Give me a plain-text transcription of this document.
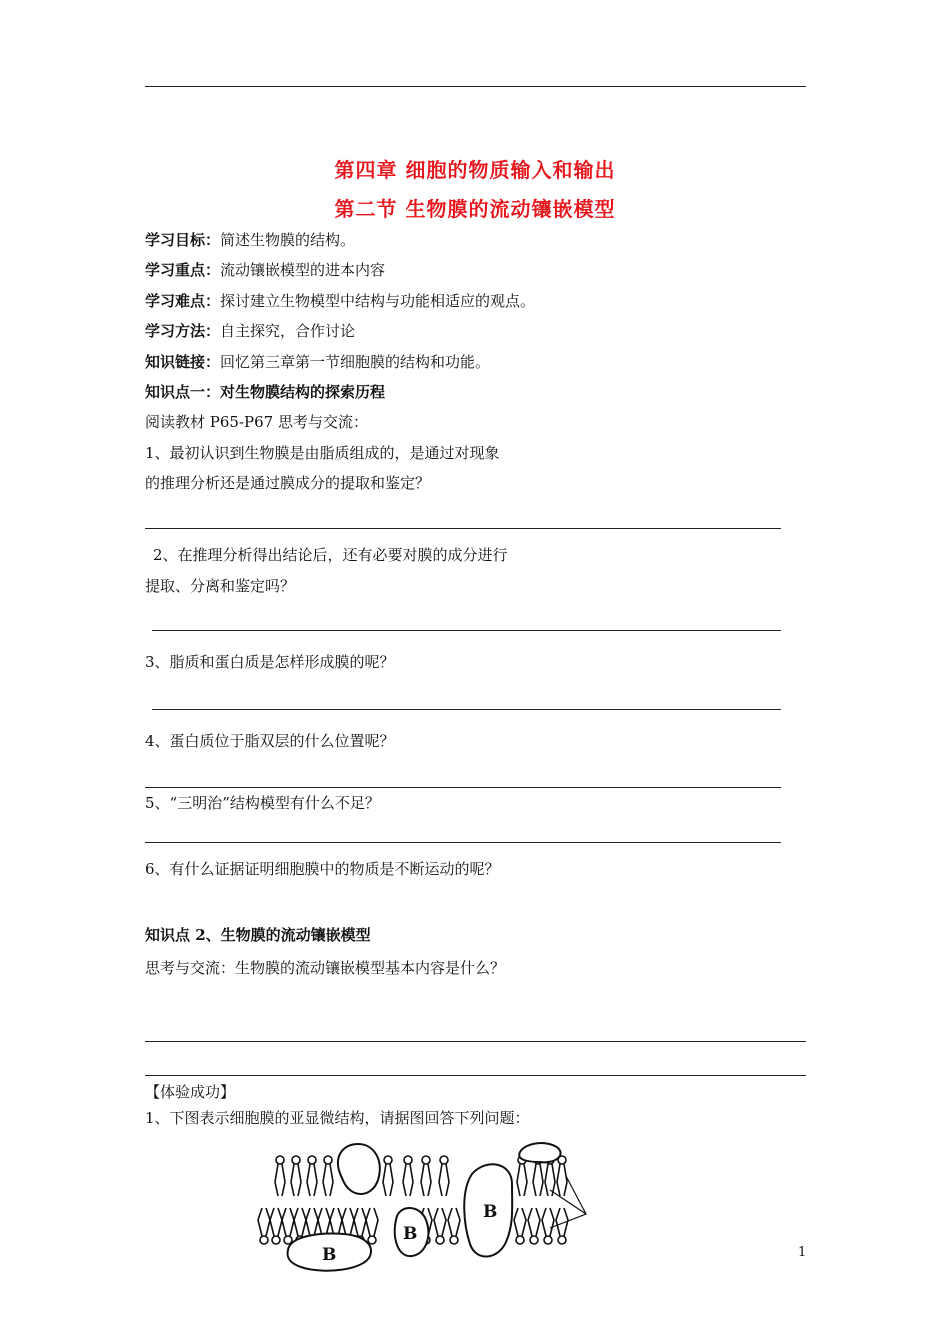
第四章 细胞的物质输入和输出
第二节 生物膜的流动镶嵌模型
学习目标：简述生物膜的结构。
学习重点：流动镶嵌模型的进本内容
学习难点：探讨建立生物模型中结构与功能相适应的观点。
学习方法：自主探究，合作讨论
知识链接：回忆第三章第一节细胞膜的结构和功能。
知识点一：对生物膜结构的探索历程
阅读教材 P65-P67 思考与交流：
1、最初认识到生物膜是由脂质组成的，是通过对现象
的推理分析还是通过膜成分的提取和鉴定？
2、在推理分析得出结论后，还有必要对膜的成分进行
提取、分离和鉴定吗？
3、脂质和蛋白质是怎样形成膜的呢？
4、蛋白质位于脂双层的什么位置呢？
5、“三明治”结构模型有什么不足？
6、有什么证据证明细胞膜中的物质是不断运动的呢？
知识点 2、生物膜的流动镶嵌模型
思考与交流：生物膜的流动镶嵌模型基本内容是什么？
【体验成功】
1、下图表示细胞膜的亚显微结构，请据图回答下列问题：
B
B
B
1
